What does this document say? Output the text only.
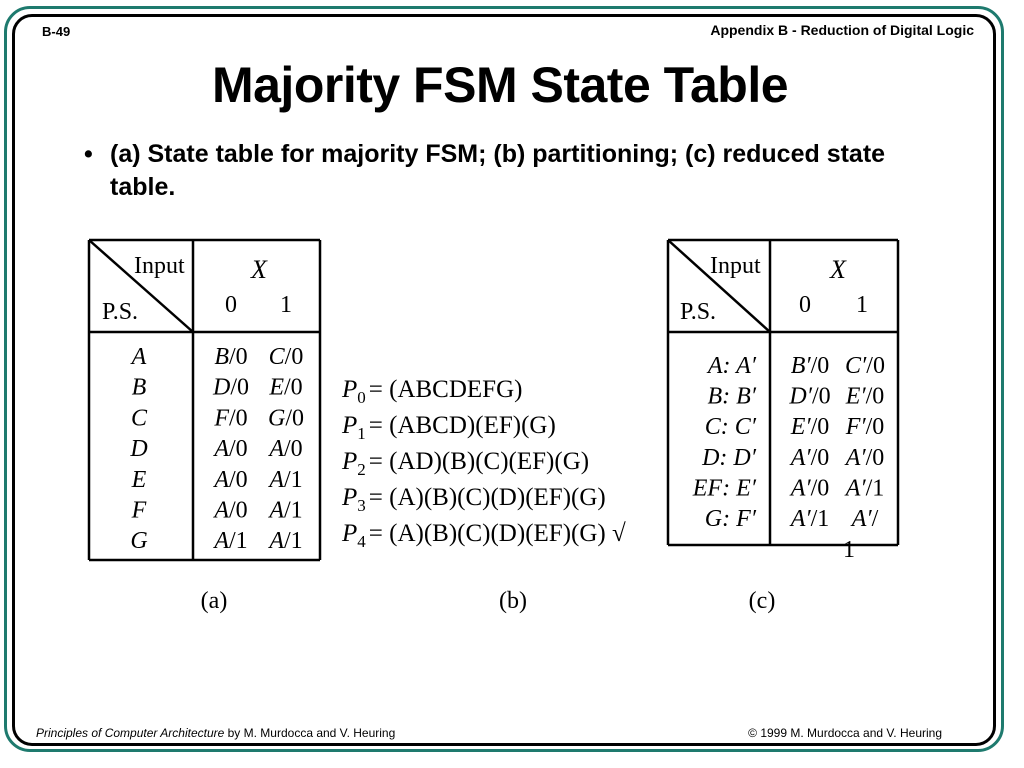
B-49	Appendix B - Reduction of Digital Logic
Majority FSM State Table
• (a) State table for majority FSM; (b) partitioning; (c) reduced state table.
Input
P.S.
X
0 1
A	B/0 C/0
B	D/0 E/0
C	F/0 G/0
D	A/0 A/0
E	A/0 A/1
F	A/0 A/1
G	A/1 A/1
$P_0$ = (ABCDEFG)
$P_1$ = (ABCD)(EF)(G)
$P_2 = (AD)(B)(C)(EF)(G)$
$P_3 = (A)(B)(C)(D)(EF)(G)$
$P_4 = (A)(B)(C)(D)(EF)(G)$ √
Input
P.S.
X
0 1
A: A′ B′/0 C′/0
B: B′ D′/0 E′/0
C: C′ E′/0 F′/0
D: D′ A′/0 A′/0
EF: E′ A′/0 A′/1
G: F′ A′/1 A′/
1
(a)	(b)	(c)
Principles of Computer Architecture by M. Murdocca and V. Heuring	© 1999 M. Murdocca and V. Heuring
